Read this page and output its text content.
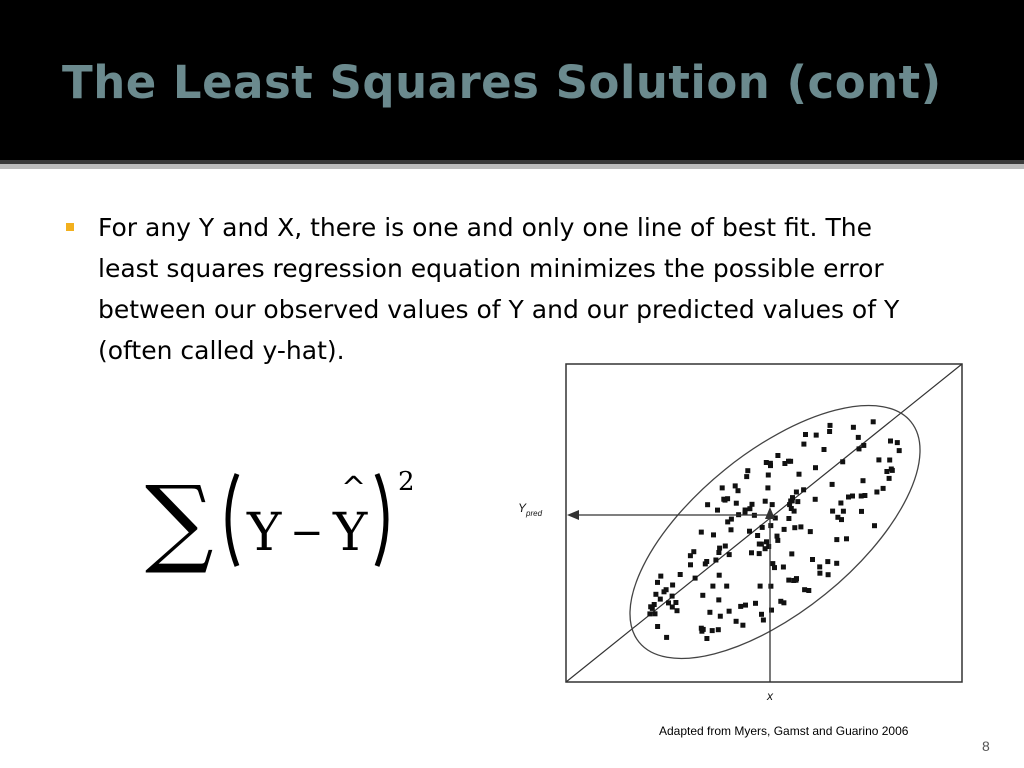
The Least Squares Solution (cont)

For any Y and X, there is one and only one line of best fit. The
least squares regression equation minimizes the possible error
between our observed values of Y and our predicted values of Y
(often called y-hat).

∑ Y − Y
^ 2
$Y_{pred}$
x

Adapted from Myers, Gamst and Guarino 2006

8
